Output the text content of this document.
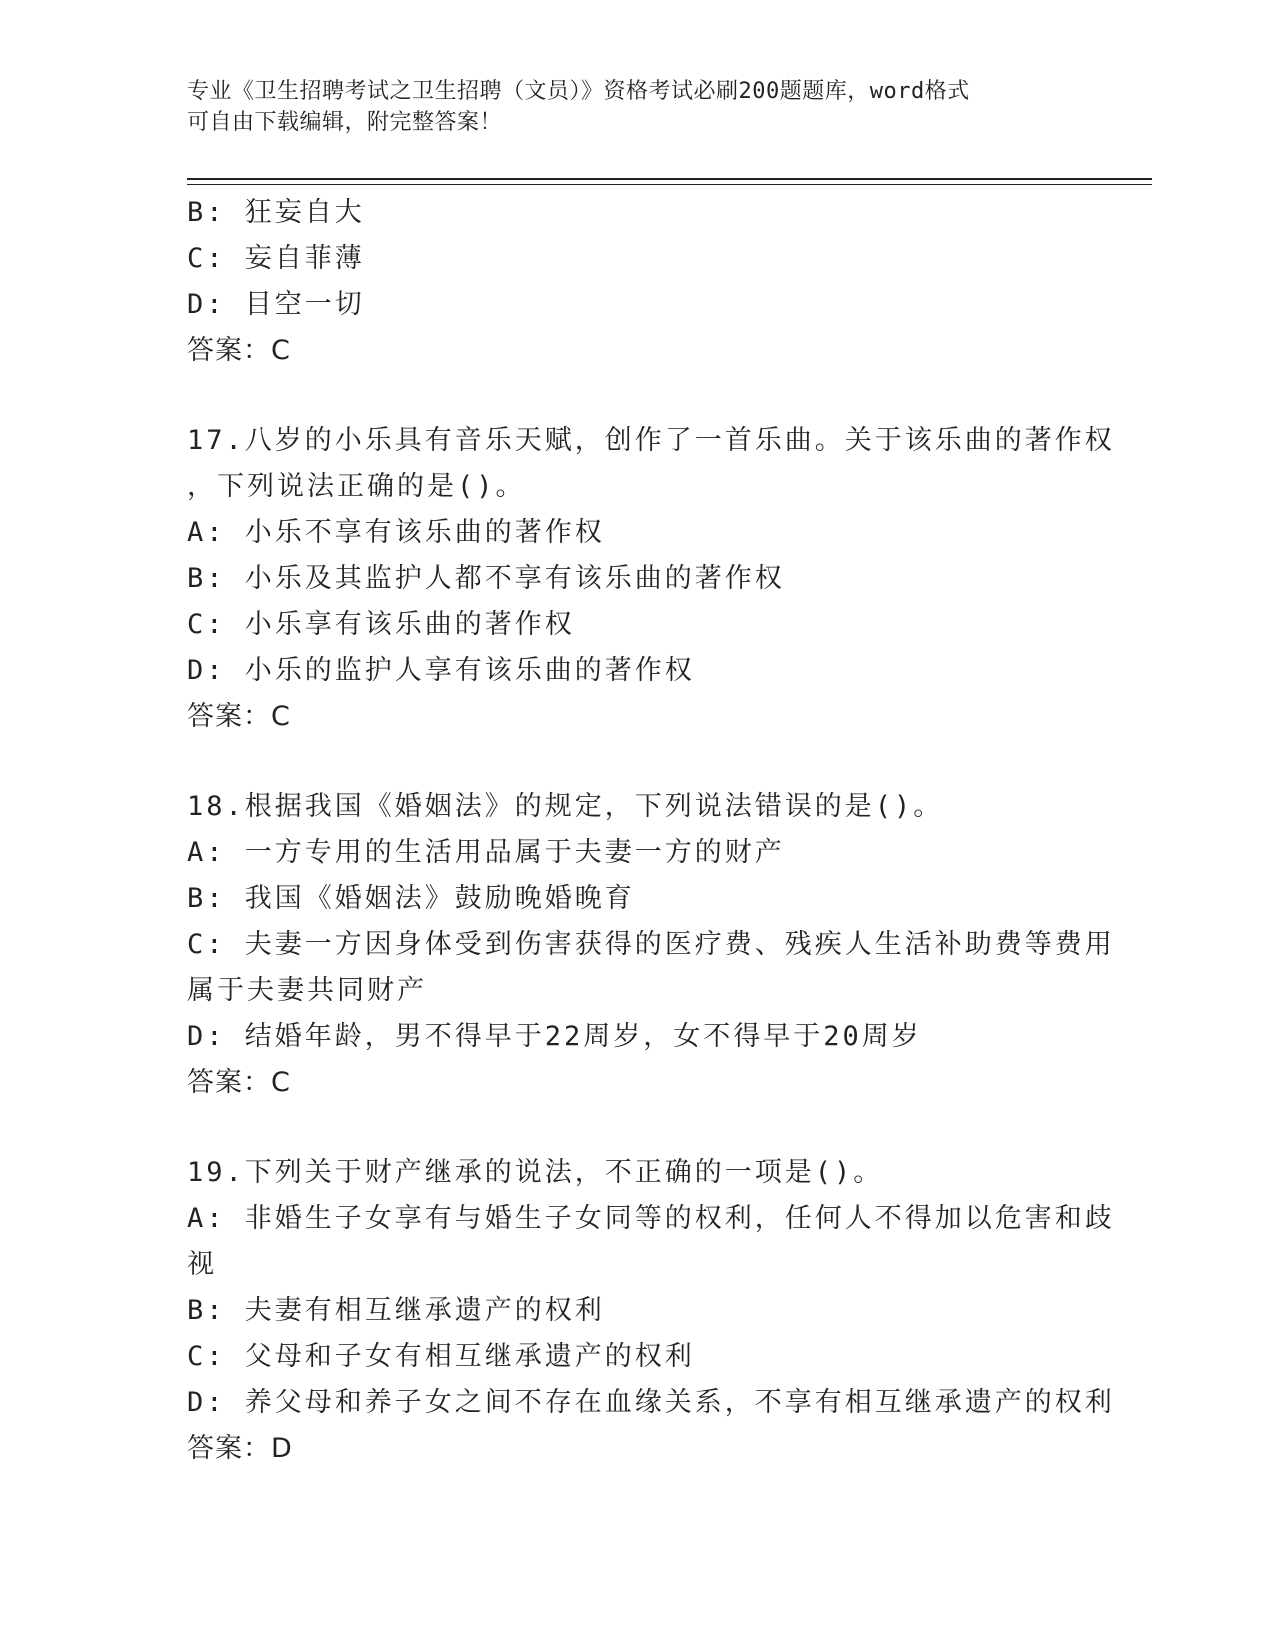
专业《卫生招聘考试之卫生招聘（文员）》资格考试必刷200题题库，word格式
可自由下载编辑，附完整答案！
B: 狂妄自大
C: 妄自菲薄
D: 目空一切
答案：C
17.八岁的小乐具有音乐天赋，创作了一首乐曲。关于该乐曲的著作权
，下列说法正确的是()。
A: 小乐不享有该乐曲的著作权
B: 小乐及其监护人都不享有该乐曲的著作权
C: 小乐享有该乐曲的著作权
D: 小乐的监护人享有该乐曲的著作权
答案：C
18.根据我国《婚姻法》的规定，下列说法错误的是()。
A: 一方专用的生活用品属于夫妻一方的财产
B: 我国《婚姻法》鼓励晚婚晚育
C: 夫妻一方因身体受到伤害获得的医疗费、残疾人生活补助费等费用
属于夫妻共同财产
D: 结婚年龄，男不得早于22周岁，女不得早于20周岁
答案：C
19.下列关于财产继承的说法，不正确的一项是()。
A: 非婚生子女享有与婚生子女同等的权利，任何人不得加以危害和歧
视
B: 夫妻有相互继承遗产的权利
C: 父母和子女有相互继承遗产的权利
D: 养父母和养子女之间不存在血缘关系，不享有相互继承遗产的权利
答案：D
